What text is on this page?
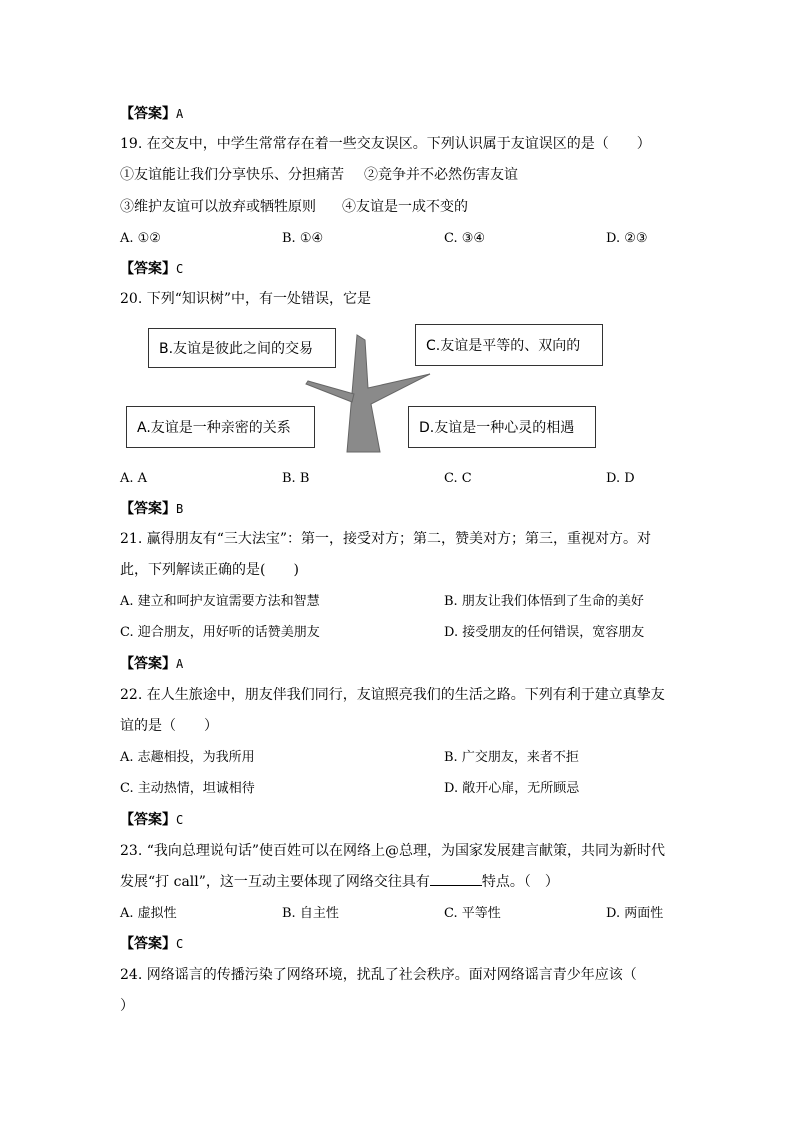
【答案】A
19. 在交友中，中学生常常存在着一些交友误区。下列认识属于友谊误区的是（　　）
①友谊能让我们分享快乐、分担痛苦 ②竞争并不必然伤害友谊
③维护友谊可以放弃或牺牲原则 ④友谊是一成不变的
A. ①②	B. ①④	C. ③④	D. ②③
【答案】C
20. 下列“知识树”中，有一处错误，它是
B.友谊是彼此之间的交易	C.友谊是平等的、双向的
A.友谊是一种亲密的关系	D.友谊是一种心灵的相遇
A. A	B. B	C. C	D. D
【答案】B
21. 赢得朋友有“三大法宝”：第一，接受对方；第二，赞美对方；第三，重视对方。对
此，下列解读正确的是(　　)
A. 建立和呵护友谊需要方法和智慧	B. 朋友让我们体悟到了生命的美好
C. 迎合朋友，用好听的话赞美朋友	D. 接受朋友的任何错误，宽容朋友
【答案】A
22. 在人生旅途中，朋友伴我们同行，友谊照亮我们的生活之路。下列有利于建立真挚友
谊的是（　　）
A. 志趣相投，为我所用	B. 广交朋友，来者不拒
C. 主动热情，坦诚相待	D. 敞开心扉，无所顾忌
【答案】C
23. “我向总理说句话”使百姓可以在网络上@总理，为国家发展建言献策，共同为新时代
发展“打 call”，这一互动主要体现了网络交往具有	特点。（　）
A. 虚拟性	B. 自主性	C. 平等性	D. 两面性
【答案】C
24. 网络谣言的传播污染了网络环境，扰乱了社会秩序。面对网络谣言青少年应该（
）
